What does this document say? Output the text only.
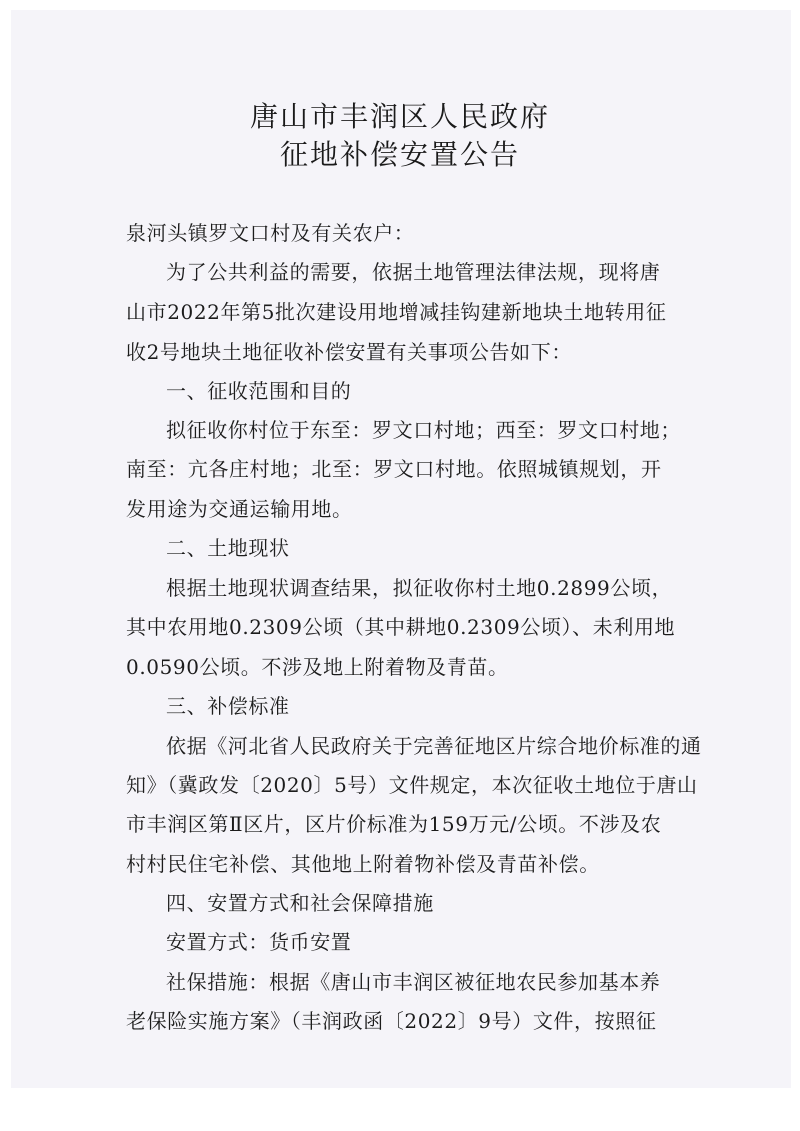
唐山市丰润区人民政府
征地补偿安置公告
泉河头镇罗文口村及有关农户：
为了公共利益的需要，依据土地管理法律法规，现将唐
山市2022年第5批次建设用地增减挂钩建新地块土地转用征
收2号地块土地征收补偿安置有关事项公告如下：
一、征收范围和目的
拟征收你村位于东至：罗文口村地；西至：罗文口村地；
南至：亢各庄村地；北至：罗文口村地。依照城镇规划，开
发用途为交通运输用地。
二、土地现状
根据土地现状调查结果，拟征收你村土地0.2899公顷，
其中农用地0.2309公顷（其中耕地0.2309公顷）、未利用地
0.0590公顷。不涉及地上附着物及青苗。
三、补偿标准
依据《河北省人民政府关于完善征地区片综合地价标准的通
知》（冀政发〔2020〕5号）文件规定，本次征收土地位于唐山
市丰润区第Ⅱ区片，区片价标准为159万元/公顷。不涉及农
村村民住宅补偿、其他地上附着物补偿及青苗补偿。
四、安置方式和社会保障措施
安置方式：货币安置
社保措施：根据《唐山市丰润区被征地农民参加基本养
老保险实施方案》（丰润政函〔2022〕9号）文件，按照征
